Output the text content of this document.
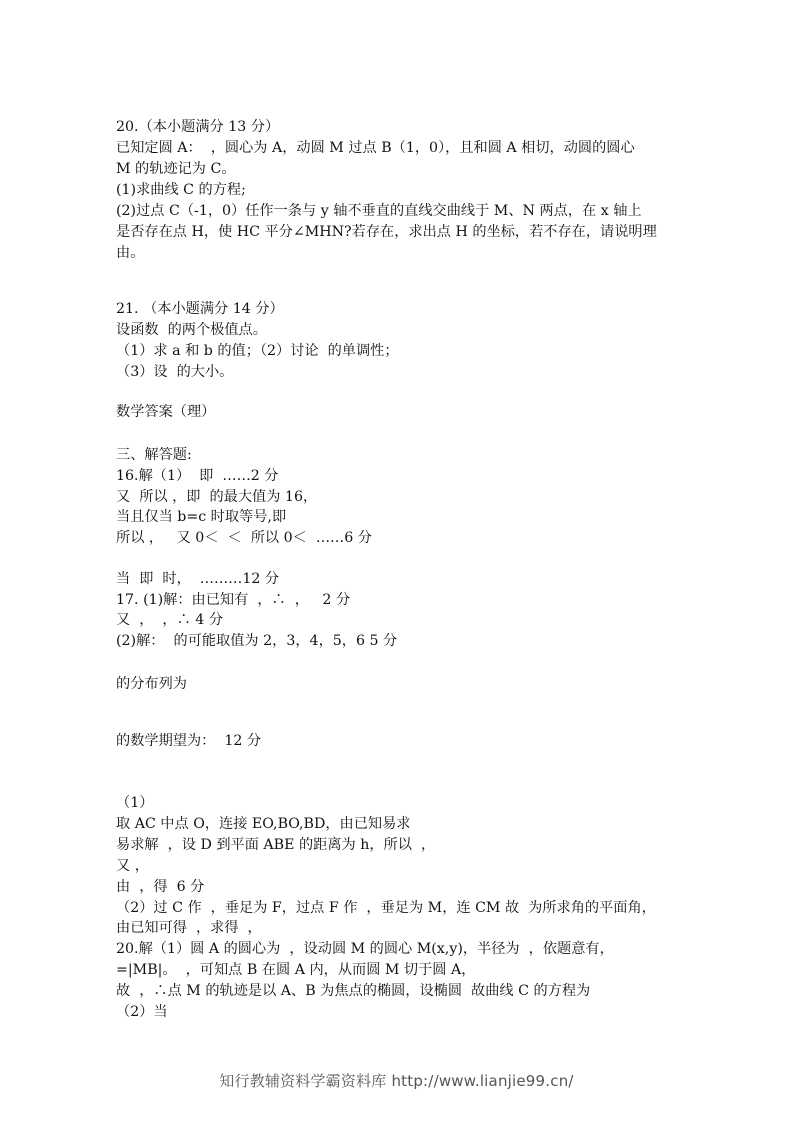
20.（本小题满分 13 分）
已知定圆 A：  ，圆心为 A，动圆 M 过点 B（1，0），且和圆 A 相切，动圆的圆心
M 的轨迹记为 C。
(1)求曲线 C 的方程;
(2)过点 C（-1，0）任作一条与 y 轴不垂直的直线交曲线于 M、N 两点，在 x 轴上
是否存在点 H，使 HC 平分∠MHN?若存在，求出点 H 的坐标，若不存在，请说明理
由。
21. （本小题满分 14 分）
设函数  的两个极值点。
（1）求 a 和 b 的值；（2）讨论  的单调性；
（3）设  的大小。
数学答案（理）
三、解答题:
16.解（1）  即  ……2 分
又  所以 ，即  的最大值为 16，
当且仅当 b=c 时取等号,即
所以 ，   又 0＜  ＜  所以 0＜  ……6 分
当  即  时，  ………12 分
17. (1)解：由已知有  ，∴  ，   2 分
又  ，  ，∴ 4 分
(2)解：  的可能取值为 2，3，4，5，6 5 分
的分布列为
的数学期望为：  12 分
（1）
取 AC 中点 O，连接 EO,BO,BD，由已知易求
易求解  ，设 D 到平面 ABE 的距离为 h，所以  ，
又 ，
由  ，得  6 分
（2）过 C 作  ，垂足为 F，过点 F 作  ，垂足为 M，连 CM 故  为所求角的平面角，
由已知可得  ，求得  ，
20.解（1）圆 A 的圆心为  ，设动圆 M 的圆心 M(x,y)，半径为  ，依题意有，
=|MB|。  ，可知点 B 在圆 A 内，从而圆 M 切于圆 A，
故  ，∴点 M 的轨迹是以 A、B 为焦点的椭圆，设椭圆  故曲线 C 的方程为
（2）当
知行教辅资料学霸资料库 http://www.lianjie99.cn/
